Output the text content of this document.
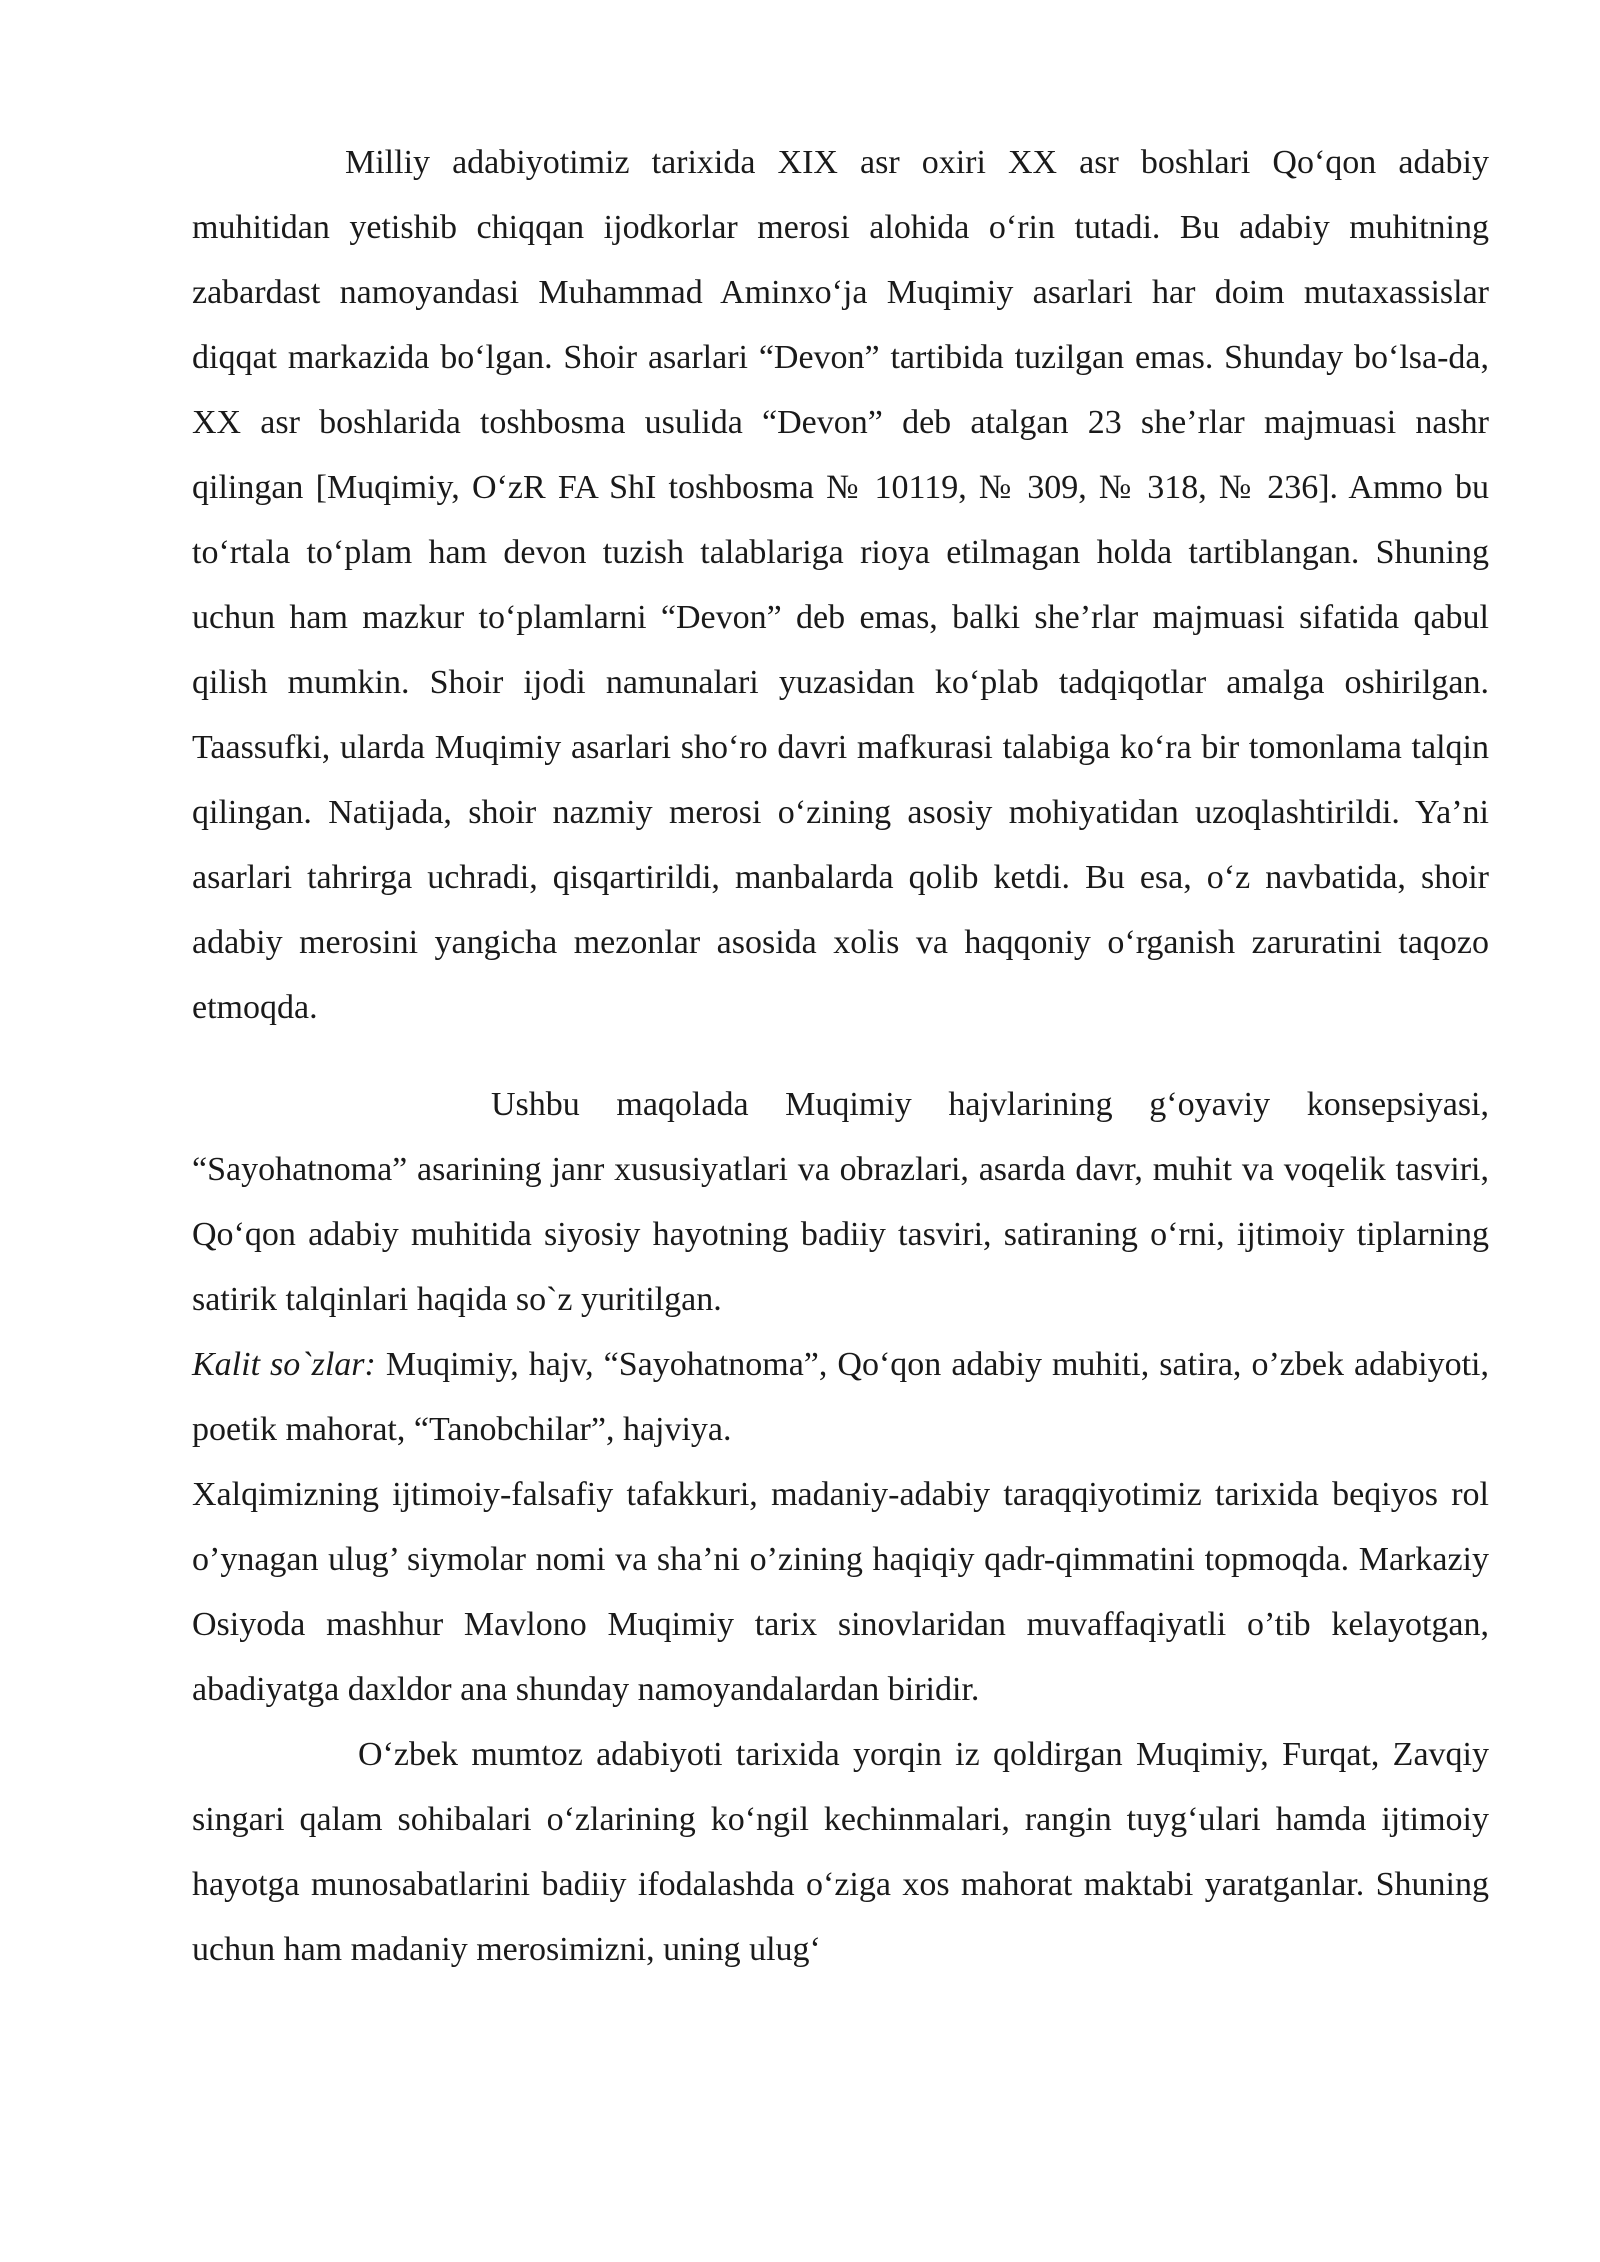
Milliy adabiyotimiz tarixida XIX asr oxiri XX asr boshlari Qo‘qon adabiy muhitidan yetishib chiqqan ijodkorlar merosi alohida o‘rin tutadi. Bu adabiy muhitning zabardast namoyandasi Muhammad Aminxo‘ja Muqimiy asarlari har doim mutaxassislar diqqat markazida bo‘lgan. Shoir asarlari “Devon” tartibida tuzilgan emas. Shunday bo‘lsa-da, XX asr boshlarida toshbosma usulida “Devon” deb atalgan 23 she’rlar majmuasi nashr qilingan [Muqimiy, O‘zR FA ShI toshbosma № 10119, № 309, № 318, № 236]. Ammo bu to‘rtala to‘plam ham devon tuzish talablariga rioya etilmagan holda tartiblangan. Shuning uchun ham mazkur to‘plamlarni “Devon” deb emas, balki she’rlar majmuasi sifatida qabul qilish mumkin. Shoir ijodi namunalari yuzasidan ko‘plab tadqiqotlar amalga oshirilgan. Taassufki, ularda Muqimiy asarlari sho‘ro davri mafkurasi talabiga ko‘ra bir tomonlama talqin qilingan. Natijada, shoir nazmiy merosi o‘zining asosiy mohiyatidan uzoqlashtirildi. Ya’ni asarlari tahrirga uchradi, qisqartirildi, manbalarda qolib ketdi. Bu esa, o‘z navbatida, shoir adabiy merosini yangicha mezonlar asosida xolis va haqqoniy o‘rganish zaruratini taqozo etmoqda.

Ushbu maqolada Muqimiy hajvlarining g‘oyaviy konsepsiyasi, “Sayohatnoma” asarining janr xususiyatlari va obrazlari, asarda davr, muhit va voqelik tasviri, Qo‘qon adabiy muhitida siyosiy hayotning badiiy tasviri, satiraning o‘rni, ijtimoiy tiplarning satirik talqinlari haqida so`z yuritilgan.

Kalit so`zlar: Muqimiy, hajv, “Sayohatnoma”, Qo‘qon adabiy muhiti, satira, o’zbek adabiyoti, poetik mahorat, “Tanobchilar”, hajviya.

Xalqimizning ijtimoiy-falsafiy tafakkuri, madaniy-adabiy taraqqiyotimiz tarixida beqiyos rol o’ynagan ulug’ siymolar nomi va sha’ni o’zining haqiqiy qadr-qimmatini topmoqda. Markaziy Osiyoda mashhur Mavlono Muqimiy tarix sinovlaridan muvaffaqiyatli o’tib kelayotgan, abadiyatga daxldor ana shunday namoyandalardan biridir.

O‘zbek mumtoz adabiyoti tarixida yorqin iz qoldirgan Muqimiy, Furqat, Zavqiy singari qalam sohibalari o‘zlarining ko‘ngil kechinmalari, rangin tuyg‘ulari hamda ijtimoiy hayotga munosabatlarini badiiy ifodalashda o‘ziga xos mahorat maktabi yaratganlar. Shuning uchun ham madaniy merosimizni, uning ulug‘
